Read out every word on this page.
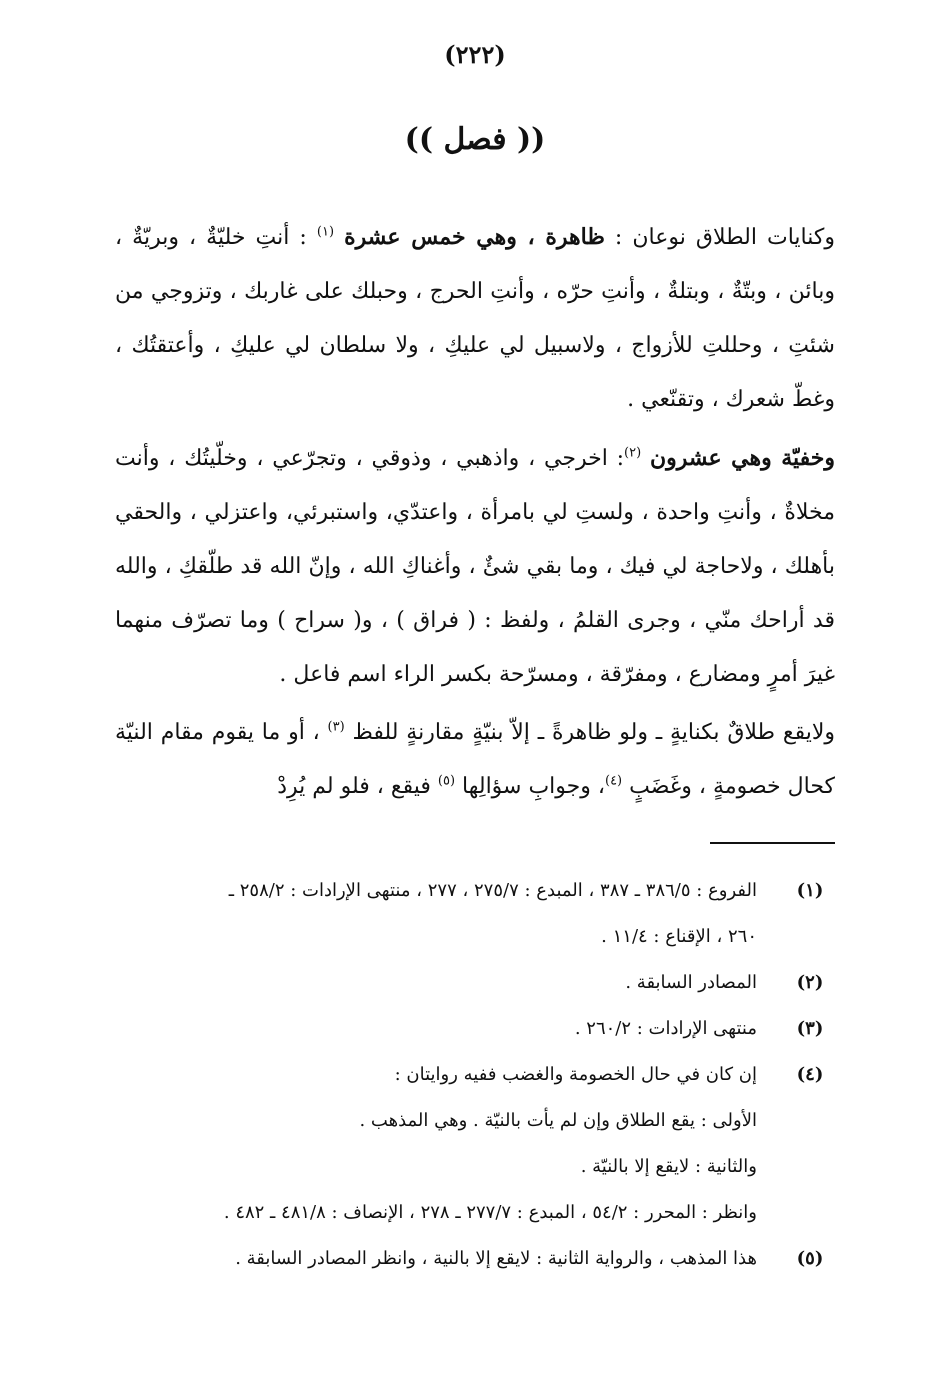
(٢٢٢)
(( فصل ))

وكنايات الطلاق نوعان : ظاهرة ، وهي خمس عشرة $^{(١)}$ : أنتِ خليّةٌ ، وبريّةٌ ، وبائن ، وبتّةٌ ، وبتلةٌ ، وأنتِ حرّه ، وأنتِ الحرج ، وحبلك على غاربك ، وتزوجي من شئتِ ، وحللتِ للأزواج ، ولاسبيل لي عليكِ ، ولا سلطان لي عليكِ ، وأعتقتُك ، وغطّ شعرك ، وتقنّعي .

وخفيّة وهي عشرون $^{(٢)}$: اخرجي ، واذهبي ، وذوقي ، وتجرّعي ، وخلّيتُك ، وأنت مخلاةٌ ، وأنتِ واحدة ، ولستِ لي بامرأة ، واعتدّي، واستبرئي، واعتزلي ، والحقي بأهلك ، ولاحاجة لي فيك ، وما بقي شئٌ ، وأغناكِ الله ، وإنّ الله قد طلّقكِ ، والله قد أراحك منّي ، وجرى القلمُ ، ولفظ : ( فراق ) ، و( سراح ) وما تصرّف منهما غيرَ أمرٍ ومضارع ، ومفرّقة ، ومسرّحة بكسر الراء اسم فاعل .

ولايقع طلاقٌ بكنايةٍ ـ ولو ظاهرةً ـ إلاّ بنيّةٍ مقارنةٍ للفظ $^{(٣)}$ ، أو ما يقوم مقام النيّة كحال خصومةٍ ، وغَضَبٍ $^{(٤)}$، وجوابِ سؤالِها $^{(٥)}$ فيقع ، فلو لم يُرِدْ

(١)
الفروع : ٣٨٦/٥ ـ ٣٨٧ ، المبدع : ٢٧٥/٧ ، ٢٧٧ ، منتهى الإرادات : ٢٥٨/٢ ـ
٢٦٠ ، الإقناع : ١١/٤ .
(٢)
المصادر السابقة .
(٣)
منتهى الإرادات : ٢٦٠/٢ .
(٤)
إن كان في حال الخصومة والغضب ففيه روايتان :
الأولى : يقع الطلاق وإن لم يأت بالنيّة . وهي المذهب .
والثانية : لايقع إلا بالنيّة .
وانظر : المحرر : ٥٤/٢ ، المبدع : ٢٧٧/٧ ـ ٢٧٨ ، الإنصاف : ٤٨١/٨ ـ ٤٨٢ .
(٥)
هذا المذهب ، والرواية الثانية : لايقع إلا بالنية ، وانظر المصادر السابقة .
